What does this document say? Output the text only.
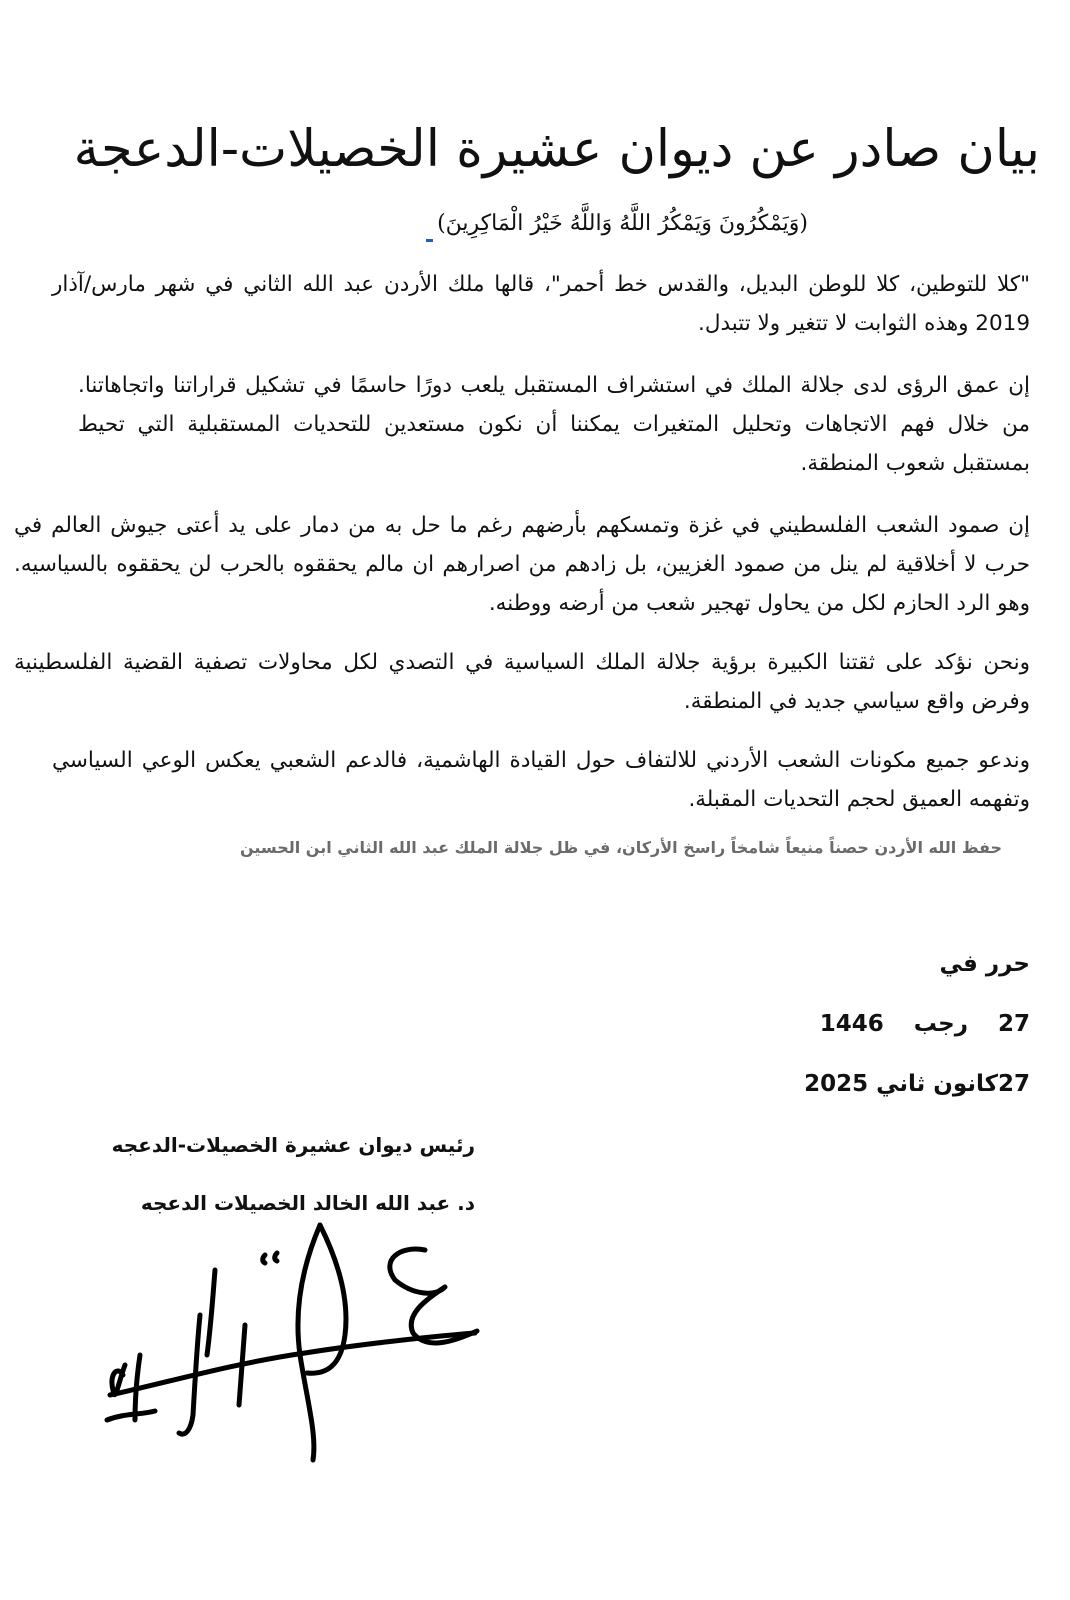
بيان صادر عن ديوان عشيرة الخصيلات-الدعجة
(وَيَمْكُرُونَ وَيَمْكُرُ اللَّهُ وَاللَّهُ خَيْرُ الْمَاكِرِينَ)

"كلا للتوطين، كلا للوطن البديل، والقدس خط أحمر"، قالها ملك الأردن عبد الله الثاني في شهر مارس/آذار 2019 وهذه الثوابت لا تتغير ولا تتبدل.

إن عمق الرؤى لدى جلالة الملك في استشراف المستقبل يلعب دورًا حاسمًا في تشكيل قراراتنا واتجاهاتنا. من خلال فهم الاتجاهات وتحليل المتغيرات يمكننا أن نكون مستعدين للتحديات المستقبلية التي تحيط بمستقبل شعوب المنطقة.

إن صمود الشعب الفلسطيني في غزة وتمسكهم بأرضهم رغم ما حل به من دمار على يد أعتى جيوش العالم في حرب لا أخلاقية لم ينل من صمود الغزيين، بل زادهم من اصرارهم ان مالم يحققوه بالحرب لن يحققوه بالسياسيه. وهو الرد الحازم لكل من يحاول تهجير شعب من أرضه ووطنه.

ونحن نؤكد على ثقتنا الكبيرة برؤية جلالة الملك السياسية في التصدي لكل محاولات تصفية القضية الفلسطينية وفرض واقع سياسي جديد في المنطقة.

وندعو جميع مكونات الشعب الأردني للالتفاف حول القيادة الهاشمية، فالدعم الشعبي يعكس الوعي السياسي وتفهمه العميق لحجم التحديات المقبلة.

حفظ الله الأردن حصناً منيعاً شامخاً راسخ الأركان، في ظل جلالة الملك عبد الله الثاني ابن الحسين
حرر في
27 رجب 1446
27كانون ثاني 2025
رئيس ديوان عشيرة الخصيلات-الدعجه
د. عبد الله الخالد الخصيلات الدعجه
